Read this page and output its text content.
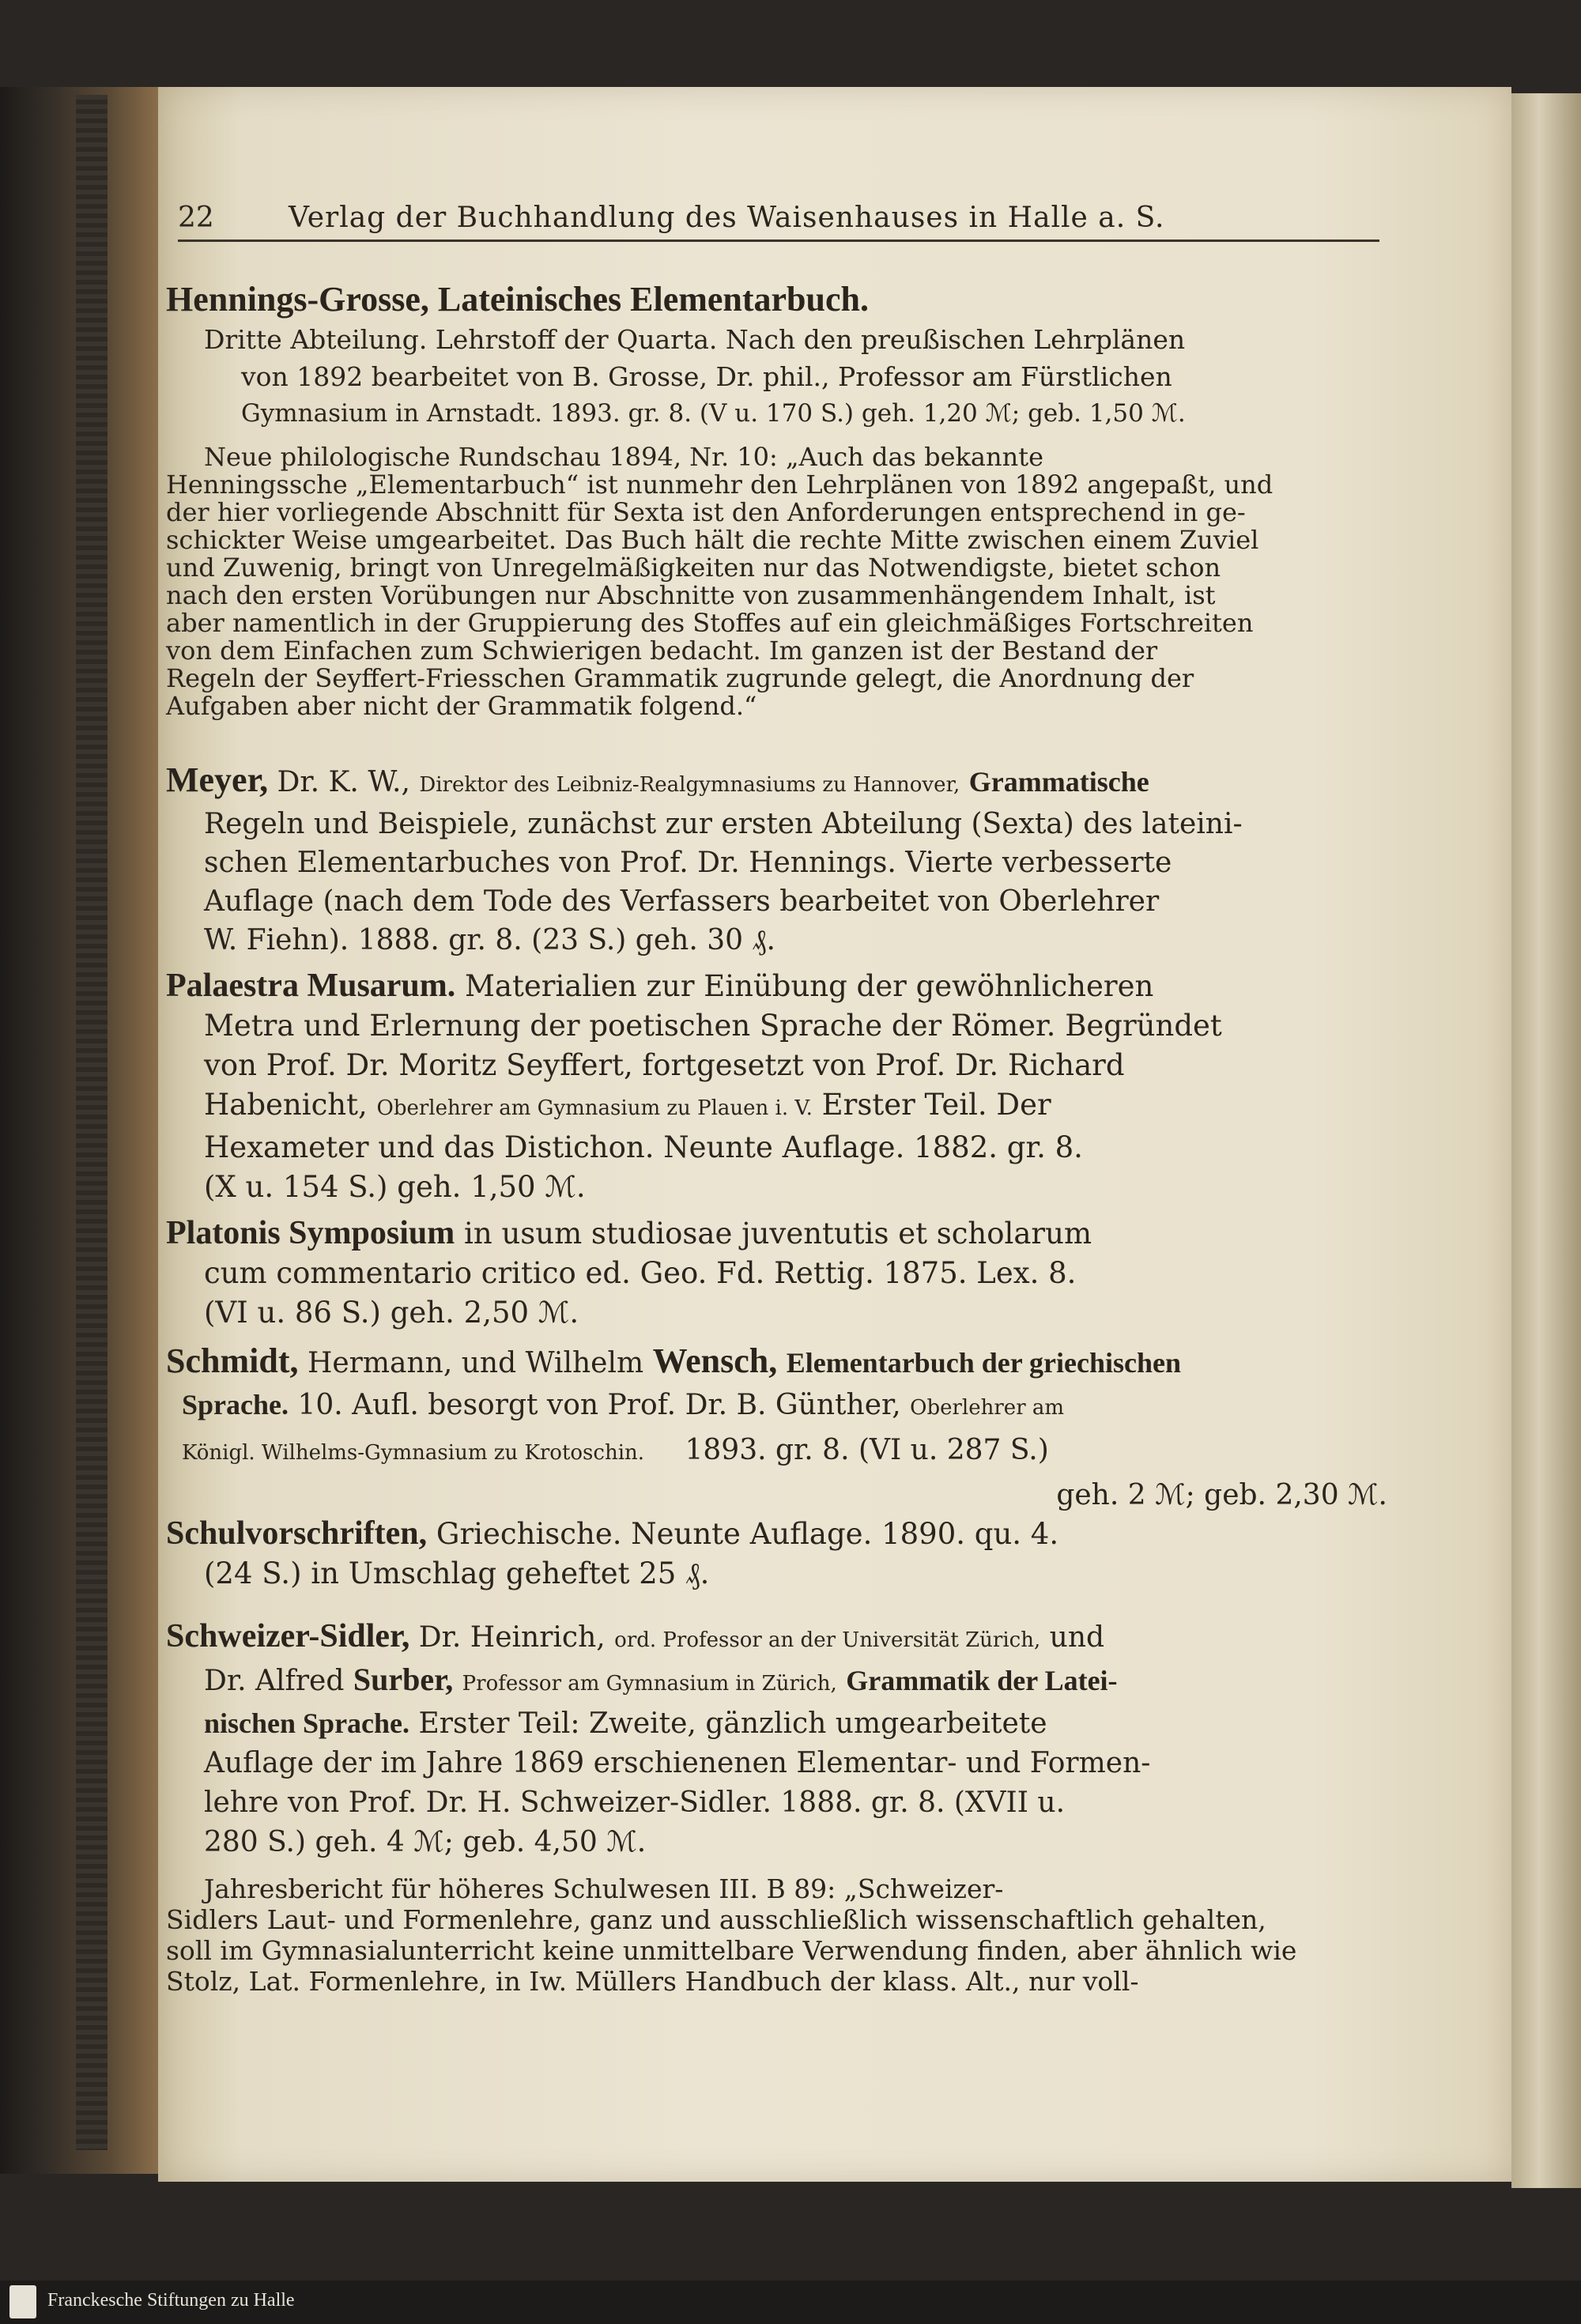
22	Verlag der Buchhandlung des Waisenhauses in Halle a. S.
Hennings-Grosse, Lateinisches Elementarbuch.
Dritte Abteilung. Lehrstoff der Quarta. Nach den preußischen Lehrplänen
von 1892 bearbeitet von B. Grosse, Dr. phil., Professor am Fürstlichen
Gymnasium in Arnstadt. 1893. gr. 8. (V u. 170 S.) geh. 1,20 ℳ; geb. 1,50 ℳ.
Neue philologische Rundschau 1894, Nr. 10: „Auch das bekannte
Henningssche „Elementarbuch“ ist nunmehr den Lehrplänen von 1892 angepaßt, und
der hier vorliegende Abschnitt für Sexta ist den Anforderungen entsprechend in ge-
schickter Weise umgearbeitet. Das Buch hält die rechte Mitte zwischen einem Zuviel
und Zuwenig, bringt von Unregelmäßigkeiten nur das Notwendigste, bietet schon
nach den ersten Vorübungen nur Abschnitte von zusammenhängendem Inhalt, ist
aber namentlich in der Gruppierung des Stoffes auf ein gleichmäßiges Fortschreiten
von dem Einfachen zum Schwierigen bedacht. Im ganzen ist der Bestand der
Regeln der Seyffert-Friesschen Grammatik zugrunde gelegt, die Anordnung der
Aufgaben aber nicht der Grammatik folgend.“
Meyer, Dr. K. W., Direktor des Leibniz-Realgymnasiums zu Hannover, Grammatische
Regeln und Beispiele, zunächst zur ersten Abteilung (Sexta) des lateini-
schen Elementarbuches von Prof. Dr. Hennings. Vierte verbesserte
Auflage (nach dem Tode des Verfassers bearbeitet von Oberlehrer
W. Fiehn). 1888. gr. 8. (23 S.) geh. 30 ₰.
Palaestra Musarum. Materialien zur Einübung der gewöhnlicheren
Metra und Erlernung der poetischen Sprache der Römer. Begründet
von Prof. Dr. Moritz Seyffert, fortgesetzt von Prof. Dr. Richard
Habenicht, Oberlehrer am Gymnasium zu Plauen i. V. Erster Teil. Der
Hexameter und das Distichon. Neunte Auflage. 1882. gr. 8.
(X u. 154 S.) geh. 1,50 ℳ.
Platonis Symposium in usum studiosae juventutis et scholarum
cum commentario critico ed. Geo. Fd. Rettig. 1875. Lex. 8.
(VI u. 86 S.) geh. 2,50 ℳ.
Schmidt, Hermann, und Wilhelm Wensch, Elementarbuch der griechischen
Sprache. 10. Aufl. besorgt von Prof. Dr. B. Günther, Oberlehrer am
Königl. Wilhelms-Gymnasium zu Krotoschin. 1893. gr. 8. (VI u. 287 S.)
geh. 2 ℳ; geb. 2,30 ℳ.
Schulvorschriften, Griechische. Neunte Auflage. 1890. qu. 4.
(24 S.) in Umschlag geheftet 25 ₰.
Schweizer-Sidler, Dr. Heinrich, ord. Professor an der Universität Zürich, und
Dr. Alfred Surber, Professor am Gymnasium in Zürich, Grammatik der Latei-
nischen Sprache. Erster Teil: Zweite, gänzlich umgearbeitete
Auflage der im Jahre 1869 erschienenen Elementar- und Formen-
lehre von Prof. Dr. H. Schweizer-Sidler. 1888. gr. 8. (XVII u.
280 S.) geh. 4 ℳ; geb. 4,50 ℳ.
Jahresbericht für höheres Schulwesen III. B 89: „Schweizer-
Sidlers Laut- und Formenlehre, ganz und ausschließlich wissenschaftlich gehalten,
soll im Gymnasialunterricht keine unmittelbare Verwendung finden, aber ähnlich wie
Stolz, Lat. Formenlehre, in Iw. Müllers Handbuch der klass. Alt., nur voll-
Franckesche Stiftungen zu Halle
